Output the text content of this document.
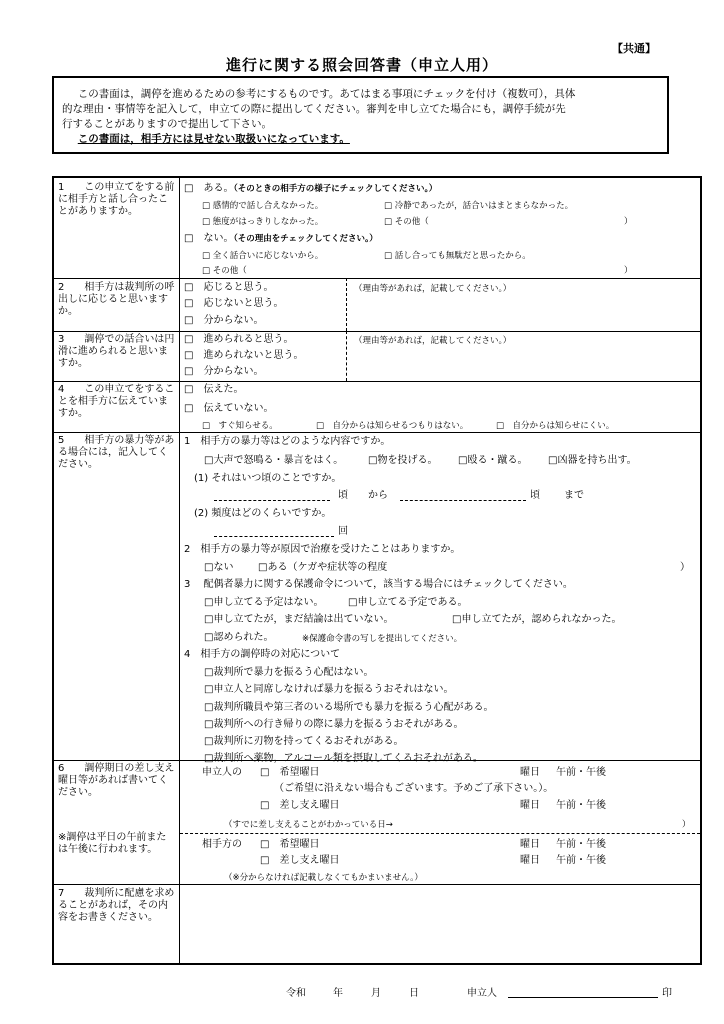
【共通】
進行に関する照会回答書（申立人用）
この書面は，調停を進めるための参考にするものです。あてはまる事項にチェックを付け（複数可），具体
的な理由・事情等を記入して，申立ての際に提出してください。審判を申し立てた場合にも，調停手続が先
行することがありますので提出して下さい。
この書面は，相手方には見せない取扱いになっています。
1　　この申立てをする前に相手方と話し合ったことがありますか。
□　ある。（そのときの相手方の様子にチェックしてください。）
□ 感情的で話し合えなかった。	□ 冷静であったが，話合いはまとまらなかった。
□ 態度がはっきりしなかった。	□ その他（	）
□　ない。（その理由をチェックしてください。）
□ 全く話合いに応じないから。	□ 話し合っても無駄だと思ったから。
□ その他（	）
2　　相手方は裁判所の呼出しに応じると思いますか。
□　応じると思う。
□　応じないと思う。
□　分からない。
（理由等があれば，記載してください。）
3　　調停での話合いは円滑に進められると思いますか。
□　進められると思う。
□　進められないと思う。
□　分からない。
（理由等があれば，記載してください。）
4　　この申立てをすることを相手方に伝えていますか。
□　伝えた。
□　伝えていない。
□　すぐ知らせる。	□　自分からは知らせるつもりはない。	□　自分からは知らせにくい。
5　　相手方の暴力等がある場合には，記入してください。
1　相手方の暴力等はどのような内容ですか。
□大声で怒鳴る・暴言をはく。 □物を投げる。 □殴る・蹴る。 □凶器を持ち出す。
(1) それはいつ頃のことですか。
頃 から	頃 まで
(2) 頻度はどのくらいですか。
回
2　相手方の暴力等が原因で治療を受けたことはありますか。
□ない □ある（ケガや症状等の程度	）
3　 配偶者暴力に関する保護命令について，該当する場合にはチェックしてください。
□申し立てる予定はない。 □申し立てる予定である。
□申し立てたが，まだ結論は出ていない。	□申し立てたが，認められなかった。
□認められた。	※保護命令書の写しを提出してください。
4　相手方の調停時の対応について
□裁判所で暴力を振るう心配はない。
□申立人と同席しなければ暴力を振るうおそれはない。
□裁判所職員や第三者のいる場所でも暴力を振るう心配がある。
□裁判所への行き帰りの際に暴力を振るうおそれがある。
□裁判所に刃物を持ってくるおそれがある。
□裁判所へ薬物，アルコール類を摂取してくるおそれがある。
6　　調停期日の差し支え曜日等があれば書いてください。
※調停は平日の午前または午後に行われます。
申立人の □　希望曜日	曜日 午前・午後
（ご希望に沿えない場合もございます。予めご了承下さい。）。
□　差し支え曜日	曜日 午前・午後
（すでに差し支えることがわかっている日→	）
相手方の □　希望曜日	曜日 午前・午後
□　差し支え曜日	曜日 午前・午後
（※分からなければ記載しなくてもかまいません。）
7　　裁判所に配慮を求めることがあれば，その内容をお書きください。
令和	年	月	日	申立人	印
